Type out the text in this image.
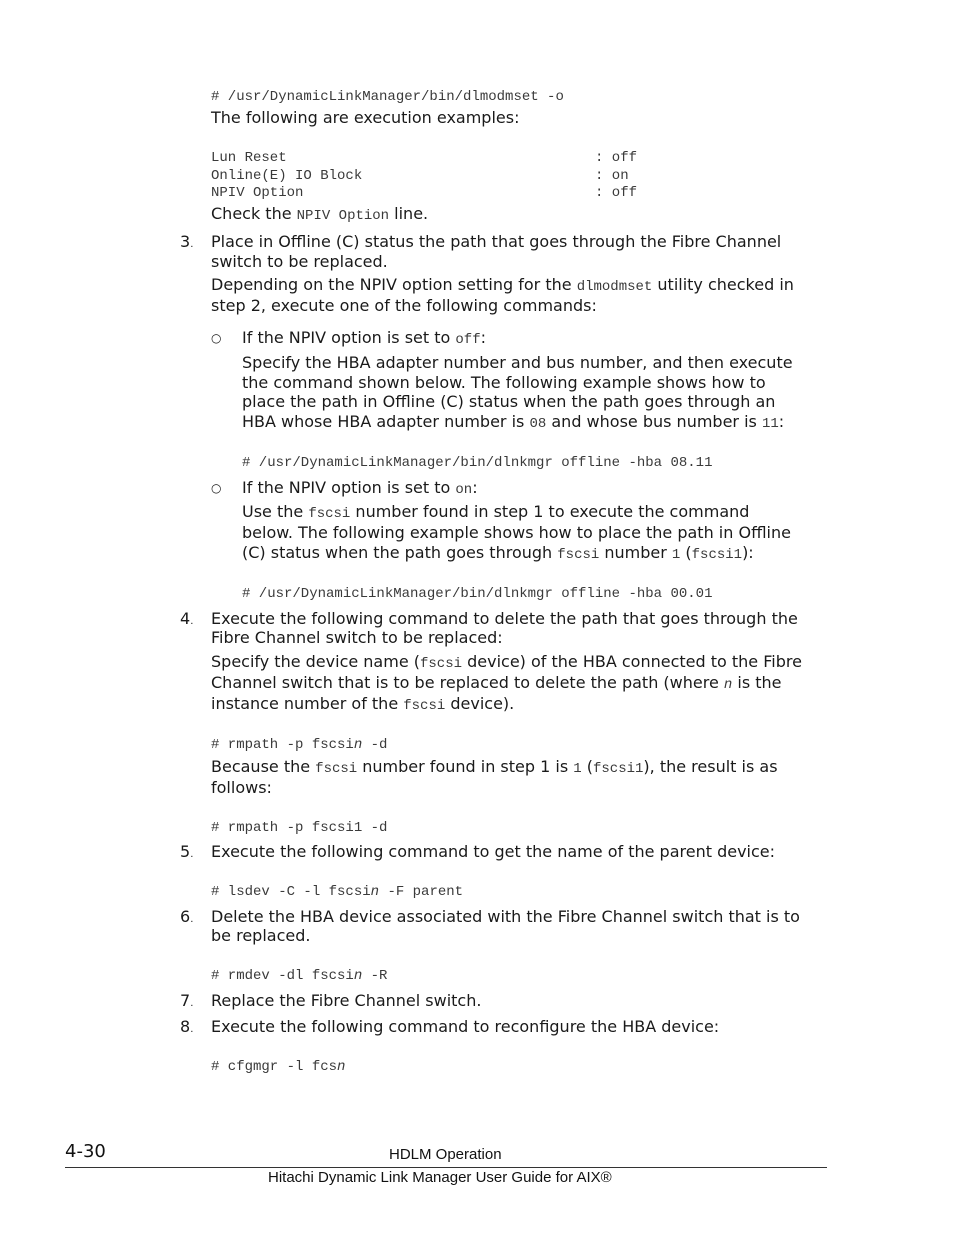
# /usr/DynamicLinkManager/bin/dlmodmset -o
The following are execution examples:
Lun Reset	: off
Online(E) IO Block	: on
NPIV Option	: off
Check the NPIV Option line.
3. Place in Offline (C) status the path that goes through the Fibre Channel
switch to be replaced.
Depending on the NPIV option setting for the dlmodmset utility checked in
step 2, execute one of the following commands:
○ If the NPIV option is set to off:
Specify the HBA adapter number and bus number, and then execute
the command shown below. The following example shows how to
place the path in Offline (C) status when the path goes through an
HBA whose HBA adapter number is 08 and whose bus number is 11:
# /usr/DynamicLinkManager/bin/dlnkmgr offline -hba 08.11
○ If the NPIV option is set to on:
Use the fscsi number found in step 1 to execute the command
below. The following example shows how to place the path in Offline
(C) status when the path goes through fscsi number 1 (fscsi1):
# /usr/DynamicLinkManager/bin/dlnkmgr offline -hba 00.01
4. Execute the following command to delete the path that goes through the
Fibre Channel switch to be replaced:
Specify the device name (fscsi device) of the HBA connected to the Fibre
Channel switch that is to be replaced to delete the path (where n is the
instance number of the fscsi device).
# rmpath -p fscsin -d
Because the fscsi number found in step 1 is 1 (fscsi1), the result is as
follows:
# rmpath -p fscsi1 -d
5. Execute the following command to get the name of the parent device:
# lsdev -C -l fscsin -F parent
6. Delete the HBA device associated with the Fibre Channel switch that is to
be replaced.
# rmdev -dl fscsin -R
7. Replace the Fibre Channel switch.
8. Execute the following command to reconfigure the HBA device:
# cfgmgr -l fcsn
4-30	HDLM Operation
Hitachi Dynamic Link Manager User Guide for AIX®
